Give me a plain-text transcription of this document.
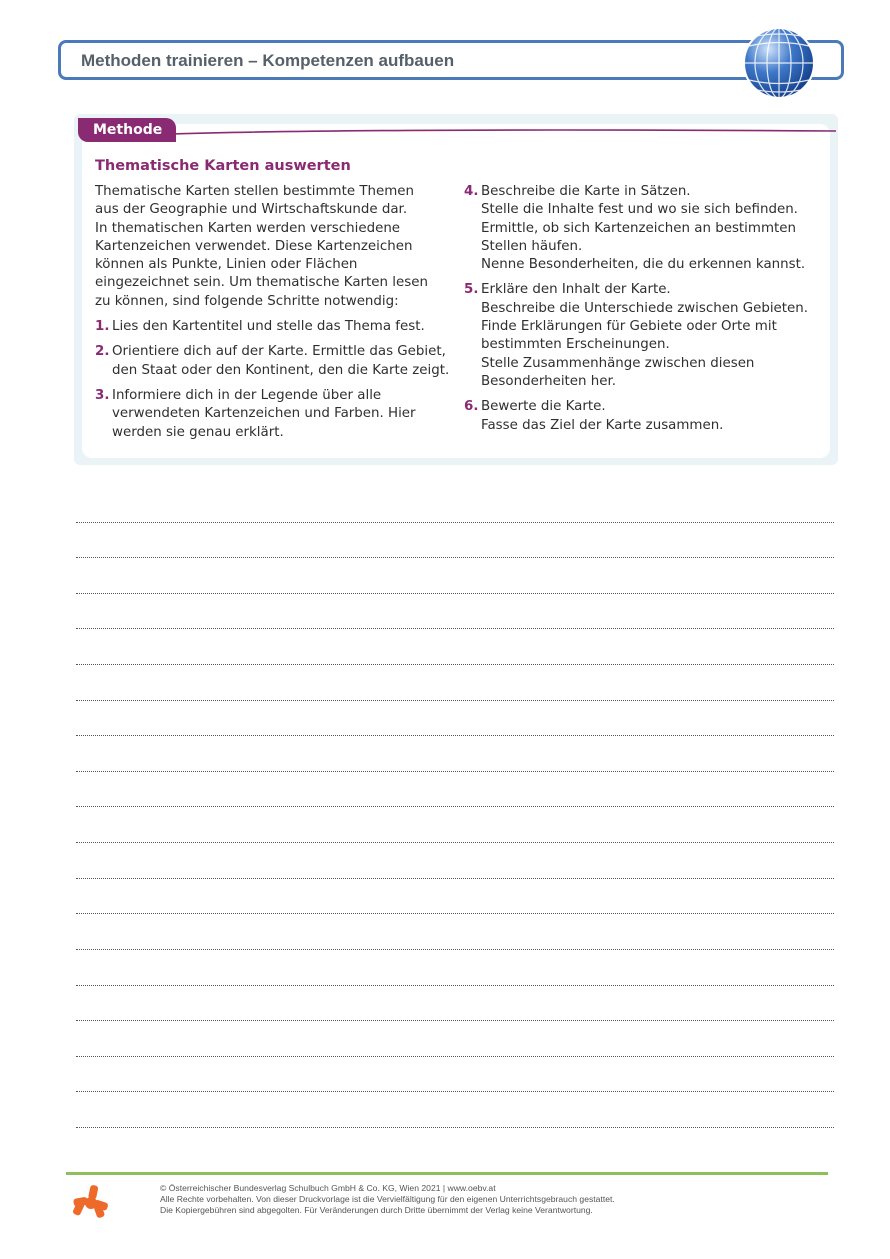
Methoden trainieren – Kompetenzen aufbauen
Methode
Thematische Karten auswerten
Thematische Karten stellen bestimmte Themen
aus der Geographie und Wirtschaftskunde dar.
In thematischen Karten werden verschiedene
Kartenzeichen verwendet. Diese Kartenzeichen
können als Punkte, Linien oder Flächen
eingezeichnet sein. Um thematische Karten lesen
zu können, sind folgende Schritte notwendig:
1. Lies den Kartentitel und stelle das Thema fest.
2. Orientiere dich auf der Karte. Ermittle das Gebiet,
den Staat oder den Kontinent, den die Karte zeigt.
3. Informiere dich in der Legende über alle
verwendeten Kartenzeichen und Farben. Hier
werden sie genau erklärt.
4. Beschreibe die Karte in Sätzen.
Stelle die Inhalte fest und wo sie sich befinden.
Ermittle, ob sich Kartenzeichen an bestimmten
Stellen häufen.
Nenne Besonderheiten, die du erkennen kannst.
5. Erkläre den Inhalt der Karte.
Beschreibe die Unterschiede zwischen Gebieten.
Finde Erklärungen für Gebiete oder Orte mit
bestimmten Erscheinungen.
Stelle Zusammenhänge zwischen diesen
Besonderheiten her.
6. Bewerte die Karte.
Fasse das Ziel der Karte zusammen.
© Österreichischer Bundesverlag Schulbuch GmbH & Co. KG, Wien 2021 | www.oebv.at
Alle Rechte vorbehalten. Von dieser Druckvorlage ist die Vervielfältigung für den eigenen Unterrichtsgebrauch gestattet.
Die Kopiergebühren sind abgegolten. Für Veränderungen durch Dritte übernimmt der Verlag keine Verantwortung.
